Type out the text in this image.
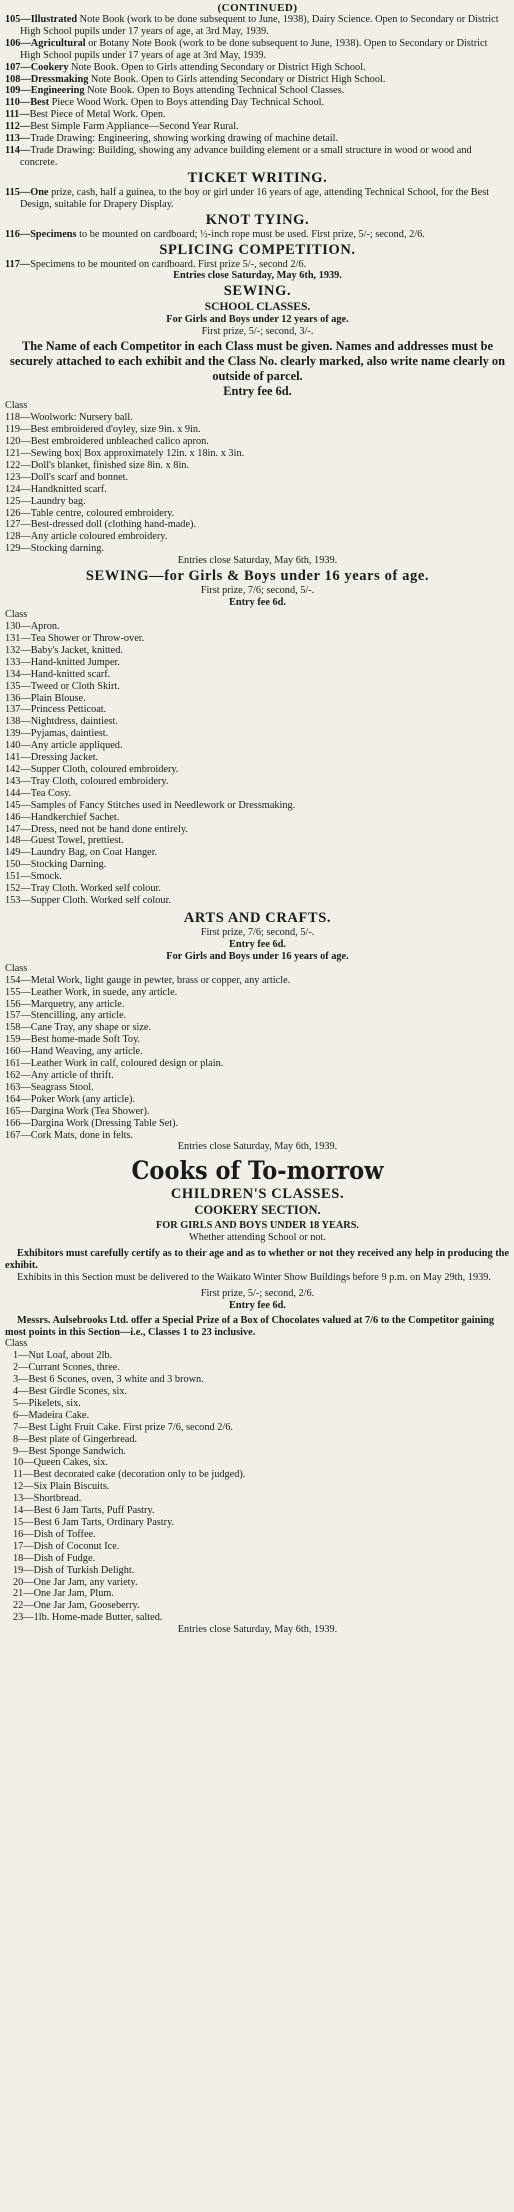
(CONTINUED)
105—Illustrated Note Book (work to be done subsequent to June, 1938), Dairy Science. Open to Secondary or District High School pupils under 17 years of age, at 3rd May, 1939.
106—Agricultural or Botany Note Book (work to be done subsequent to June, 1938). Open to Secondary or District High School pupils under 17 years of age at 3rd May, 1939.
107—Cookery Note Book. Open to Girls attending Secondary or District High School.
108—Dressmaking Note Book. Open to Girls attending Secondary or District High School.
109—Engineering Note Book. Open to Boys attending Technical School Classes.
110—Best Piece Wood Work. Open to Boys attending Day Technical School.
111—Best Piece of Metal Work. Open.
112—Best Simple Farm Appliance—Second Year Rural.
113—Trade Drawing: Engineering, showing working drawing of machine detail.
114—Trade Drawing: Building, showing any advance building element or a small structure in wood or wood and concrete.
TICKET WRITING.
115—One prize, cash, half a guinea, to the boy or girl under 16 years of age, attending Technical School, for the Best Design, suitable for Drapery Display.
KNOT TYING.
116—Specimens to be mounted on cardboard; ½-inch rope must be used. First prize, 5/-; second, 2/6.
SPLICING COMPETITION.
117—Specimens to be mounted on cardboard. First prize 5/-, second 2/6.
Entries close Saturday, May 6th, 1939.
SEWING.
SCHOOL CLASSES.
For Girls and Boys under 12 years of age.
First prize, 5/-; second, 3/-.
The Name of each Competitor in each Class must be given. Names and addresses must be securely attached to each exhibit and the Class No. clearly marked, also write name clearly on outside of parcel.
Entry fee 6d.
Class
118—Woolwork: Nursery ball.
119—Best embroidered d'oyley, size 9in. x 9in.
120—Best embroidered unbleached calico apron.
121—Sewing box| Box approximately 12in. x 18in. x 3in.
122—Doll's blanket, finished size 8in. x 8in.
123—Doll's scarf and bonnet.
124—Handknitted scarf.
125—Laundry bag.
126—Table centre, coloured embroidery.
127—Best-dressed doll (clothing hand-made).
128—Any article coloured embroidery.
129—Stocking darning.
Entries close Saturday, May 6th, 1939.
SEWING—for Girls & Boys under 16 years of age.
First prize, 7/6; second, 5/-.
Entry fee 6d.
Class
130—Apron.
131—Tea Shower or Throw-over.
132—Baby's Jacket, knitted.
133—Hand-knitted Jumper.
134—Hand-knitted scarf.
135—Tweed or Cloth Skirt.
136—Plain Blouse.
137—Princess Petticoat.
138—Nightdress, daintiest.
139—Pyjamas, daintiest.
140—Any article appliqued.
141—Dressing Jacket.
142—Supper Cloth, coloured embroidery.
143—Tray Cloth, coloured embroidery.
144—Tea Cosy.
145—Samples of Fancy Stitches used in Needlework or Dressmaking.
146—Handkerchief Sachet.
147—Dress, need not be hand done entirely.
148—Guest Towel, prettiest.
149—Laundry Bag, on Coat Hanger.
150—Stocking Darning.
151—Smock.
152—Tray Cloth. Worked self colour.
153—Supper Cloth. Worked self colour.
ARTS AND CRAFTS.
First prize, 7/6; second, 5/-.
Entry fee 6d.
For Girls and Boys under 16 years of age.
Class
154—Metal Work, light gauge in pewter, brass or copper, any article.
155—Leather Work, in suede, any article.
156—Marquetry, any article.
157—Stencilling, any article.
158—Cane Tray, any shape or size.
159—Best home-made Soft Toy.
160—Hand Weaving, any article.
161—Leather Work in calf, coloured design or plain.
162—Any article of thrift.
163—Seagrass Stool.
164—Poker Work (any article).
165—Dargina Work (Tea Shower).
166—Dargina Work (Dressing Table Set).
167—Cork Mats, done in felts.
Entries close Saturday, May 6th, 1939.
Cooks of To-morrow
CHILDREN'S CLASSES.
COOKERY SECTION.
FOR GIRLS AND BOYS UNDER 18 YEARS.
Whether attending School or not.
Exhibitors must carefully certify as to their age and as to whether or not they received any help in producing the exhibit.
Exhibits in this Section must be delivered to the Waikato Winter Show Buildings before 9 p.m. on May 29th, 1939.
First prize, 5/-; second, 2/6.
Entry fee 6d.
Messrs. Aulsebrooks Ltd. offer a Special Prize of a Box of Chocolates valued at 7/6 to the Competitor gaining most points in this Section—i.e., Classes 1 to 23 inclusive.
Class
1—Nut Loaf, about 2lb.
2—Currant Scones, three.
3—Best 6 Scones, oven, 3 white and 3 brown.
4—Best Girdle Scones, six.
5—Pikelets, six.
6—Madeira Cake.
7—Best Light Fruit Cake. First prize 7/6, second 2/6.
8—Best plate of Gingerbread.
9—Best Sponge Sandwich.
10—Queen Cakes, six.
11—Best decorated cake (decoration only to be judged).
12—Six Plain Biscuits.
13—Shortbread.
14—Best 6 Jam Tarts, Puff Pastry.
15—Best 6 Jam Tarts, Ordinary Pastry.
16—Dish of Toffee.
17—Dish of Coconut Ice.
18—Dish of Fudge.
19—Dish of Turkish Delight.
20—One Jar Jam, any variety.
21—One Jar Jam, Plum.
22—One Jar Jam, Gooseberry.
23—1lb. Home-made Butter, salted.
Entries close Saturday, May 6th, 1939.
